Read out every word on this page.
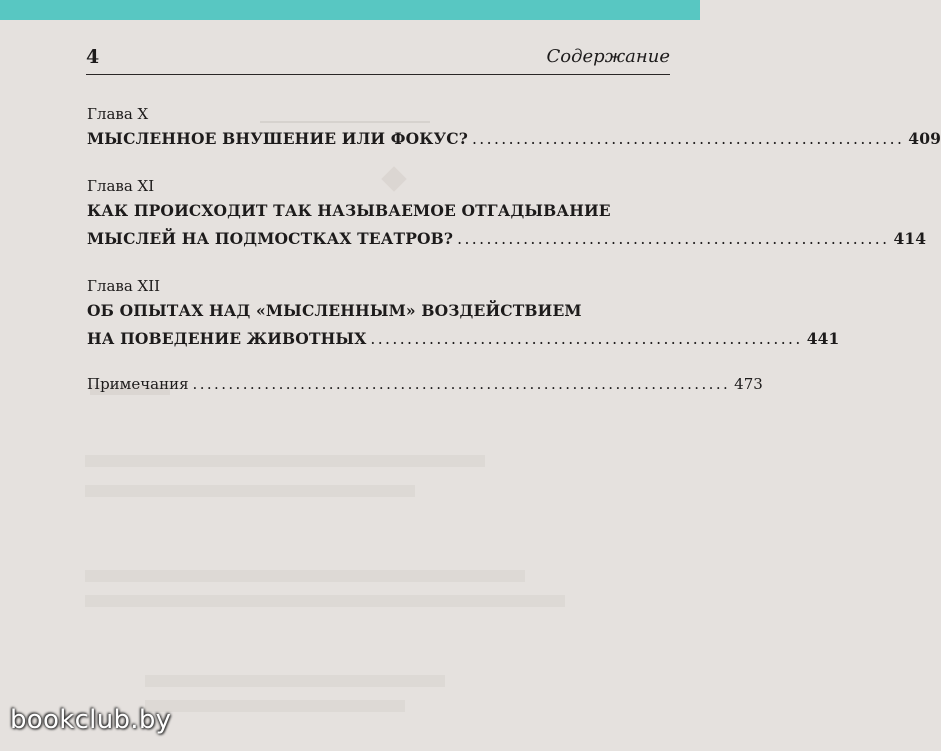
4	Содержание
Глава X
МЫСЛЕННОЕ ВНУШЕНИЕ ИЛИ ФОКУС? ........................................................... 409
Глава XI
КАК ПРОИСХОДИТ ТАК НАЗЫВАЕМОЕ ОТГАДЫВАНИЕ
МЫСЛЕЙ НА ПОДМОСТКАХ ТЕАТРОВ? ........................................................... 414
Глава XII
ОБ ОПЫТАХ НАД «МЫСЛЕННЫМ» ВОЗДЕЙСТВИЕМ
НА ПОВЕДЕНИЕ ЖИВОТНЫХ ........................................................... 441
Примечания ........................................................................... 473
bookclub.by
